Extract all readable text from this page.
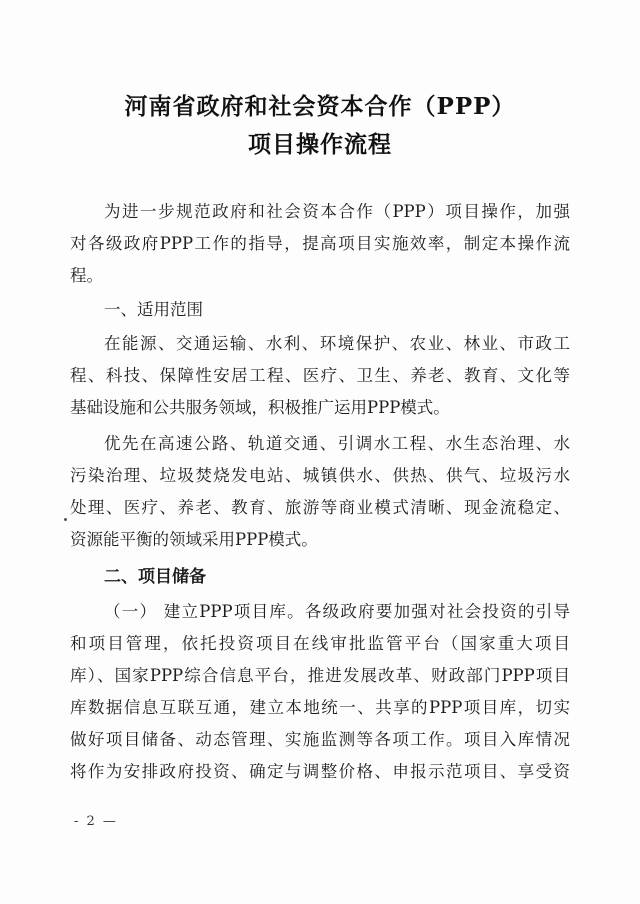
河南省政府和社会资本合作（PPP）
项目操作流程
为进一步规范政府和社会资本合作（PPP）项目操作，加强
对各级政府PPP工作的指导，提高项目实施效率，制定本操作流
程。
一、适用范围
在能源、交通运输、水利、环境保护、农业、林业、市政工
程、科技、保障性安居工程、医疗、卫生、养老、教育、文化等
基础设施和公共服务领域，积极推广运用PPP模式。
优先在高速公路、轨道交通、引调水工程、水生态治理、水
污染治理、垃圾焚烧发电站、城镇供水、供热、供气、垃圾污水
处理、医疗、养老、教育、旅游等商业模式清晰、现金流稳定、
资源能平衡的领域采用PPP模式。
二、项目储备
（一） 建立PPP项目库。各级政府要加强对社会投资的引导
和项目管理，依托投资项目在线审批监管平台（国家重大项目
库）、国家PPP综合信息平台，推进发展改革、财政部门PPP项目
库数据信息互联互通，建立本地统一、共享的PPP项目库，切实
做好项目储备、动态管理、实施监测等各项工作。项目入库情况
将作为安排政府投资、确定与调整价格、申报示范项目、享受资
- 2 —
